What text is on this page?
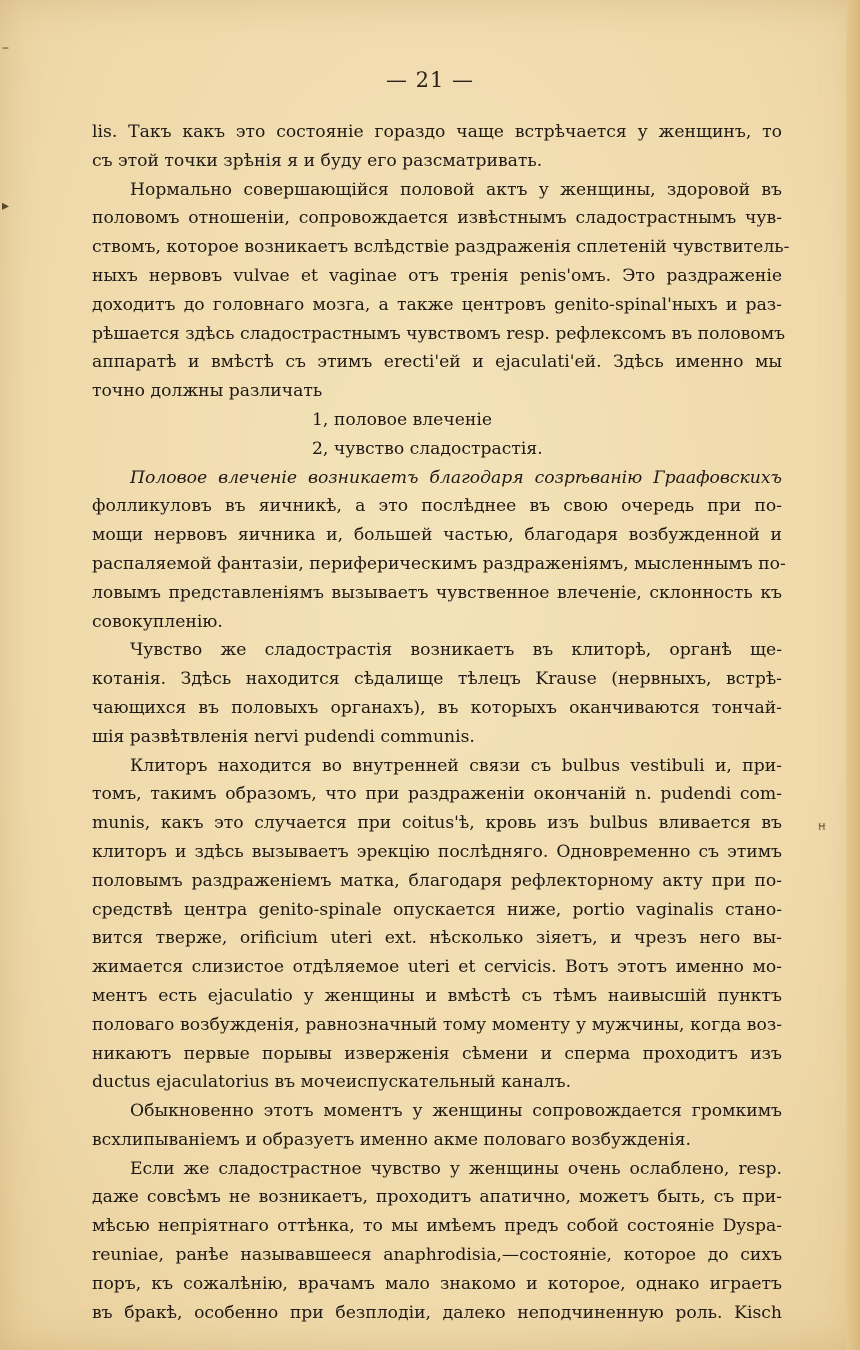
–
▸
ꟸ
— 21 —
lis. Такъ какъ это состоянie гораздо чаще встрѣчается у женщинъ, то
съ этой точки зрѣнiя я и буду его разсматривать.
Нормально совершающiйся половой актъ у женщины, здоровой въ
половомъ отношенiи, сопровождается извѣстнымъ сладострастнымъ чув-
ствомъ, которое возникаетъ вслѣдствie раздраженiя сплетенiй чувствитель-
ныхъ нервовъ vulvae et vaginae отъ тренiя penis'омъ. Это раздраженie
доходитъ до головнаго мозга, а также центровъ genito-spinal'ныхъ и раз-
рѣшается здѣсь сладострастнымъ чувствомъ resp. рефлексомъ въ половомъ
аппаратѣ и вмѣстѣ съ этимъ erecti'ей и ejaculati'ей. Здѣсь именно мы
точно должны различать
1, половое влеченie
2, чувство сладострастiя.
Половое влеченie возникаетъ благодаря созрѣванiю Граафовскихъ
фолликуловъ въ яичникѣ, а это послѣднее въ свою очередь при по-
мощи нервовъ яичника и, большей частью, благодаря возбужденной и
распаляемой фантазiи, периферическимъ раздраженiямъ, мысленнымъ по-
ловымъ представленiямъ вызываетъ чувственное влеченie, склонность къ
совокупленiю.
Чувство же сладострастiя возникаетъ въ клиторѣ, органѣ ще-
котанiя. Здѣсь находится сѣдалище тѣлецъ Krause (нервныхъ, встрѣ-
чающихся въ половыхъ органахъ), въ которыхъ оканчиваются тончай-
шiя развѣтвленiя nervi pudendi communis.
Клиторъ находится во внутренней связи съ bulbus vestibuli и, при-
томъ, такимъ образомъ, что при раздраженiи окончанiй n. pudendi com-
munis, какъ это случается при coitus'ѣ, кровь изъ bulbus вливается въ
клиторъ и здѣсь вызываетъ эрекцiю послѣдняго. Одновременно съ этимъ
половымъ раздраженiемъ матка, благодаря рефлекторному акту при по-
средствѣ центра genito-spinale опускается ниже, portio vaginalis стано-
вится тверже, orificium uteri ext. нѣсколько зiяетъ, и чрезъ него вы-
жимается слизистое отдѣляемое uteri et cervicis. Вотъ этотъ именно мо-
ментъ есть ejaculatio у женщины и вмѣстѣ съ тѣмъ наивысшiй пунктъ
половаго возбужденiя, равнозначный тому моменту у мужчины, когда воз-
никаютъ первые порывы изверженiя сѣмени и сперма проходитъ изъ
ductus ejaculatorius въ мочеиспускательный каналъ.
Обыкновенно этотъ моментъ у женщины сопровождается громкимъ
всхлипыванiемъ и образуетъ именно акме половаго возбужденiя.
Если же сладострастное чувство у женщины очень ослаблено, resp.
даже совсѣмъ не возникаетъ, проходитъ апатично, можетъ быть, съ при-
мѣсью непрiятнаго оттѣнка, то мы имѣемъ предъ собой состоянie Dyspa-
reuniae, ранѣе называвшееся anaphrodisia,—состоянie, которое до сихъ
поръ, къ сожалѣнiю, врачамъ мало знакомо и которое, однако играетъ
въ бракѣ, особенно при безплодiи, далеко неподчиненную роль. Kisch
